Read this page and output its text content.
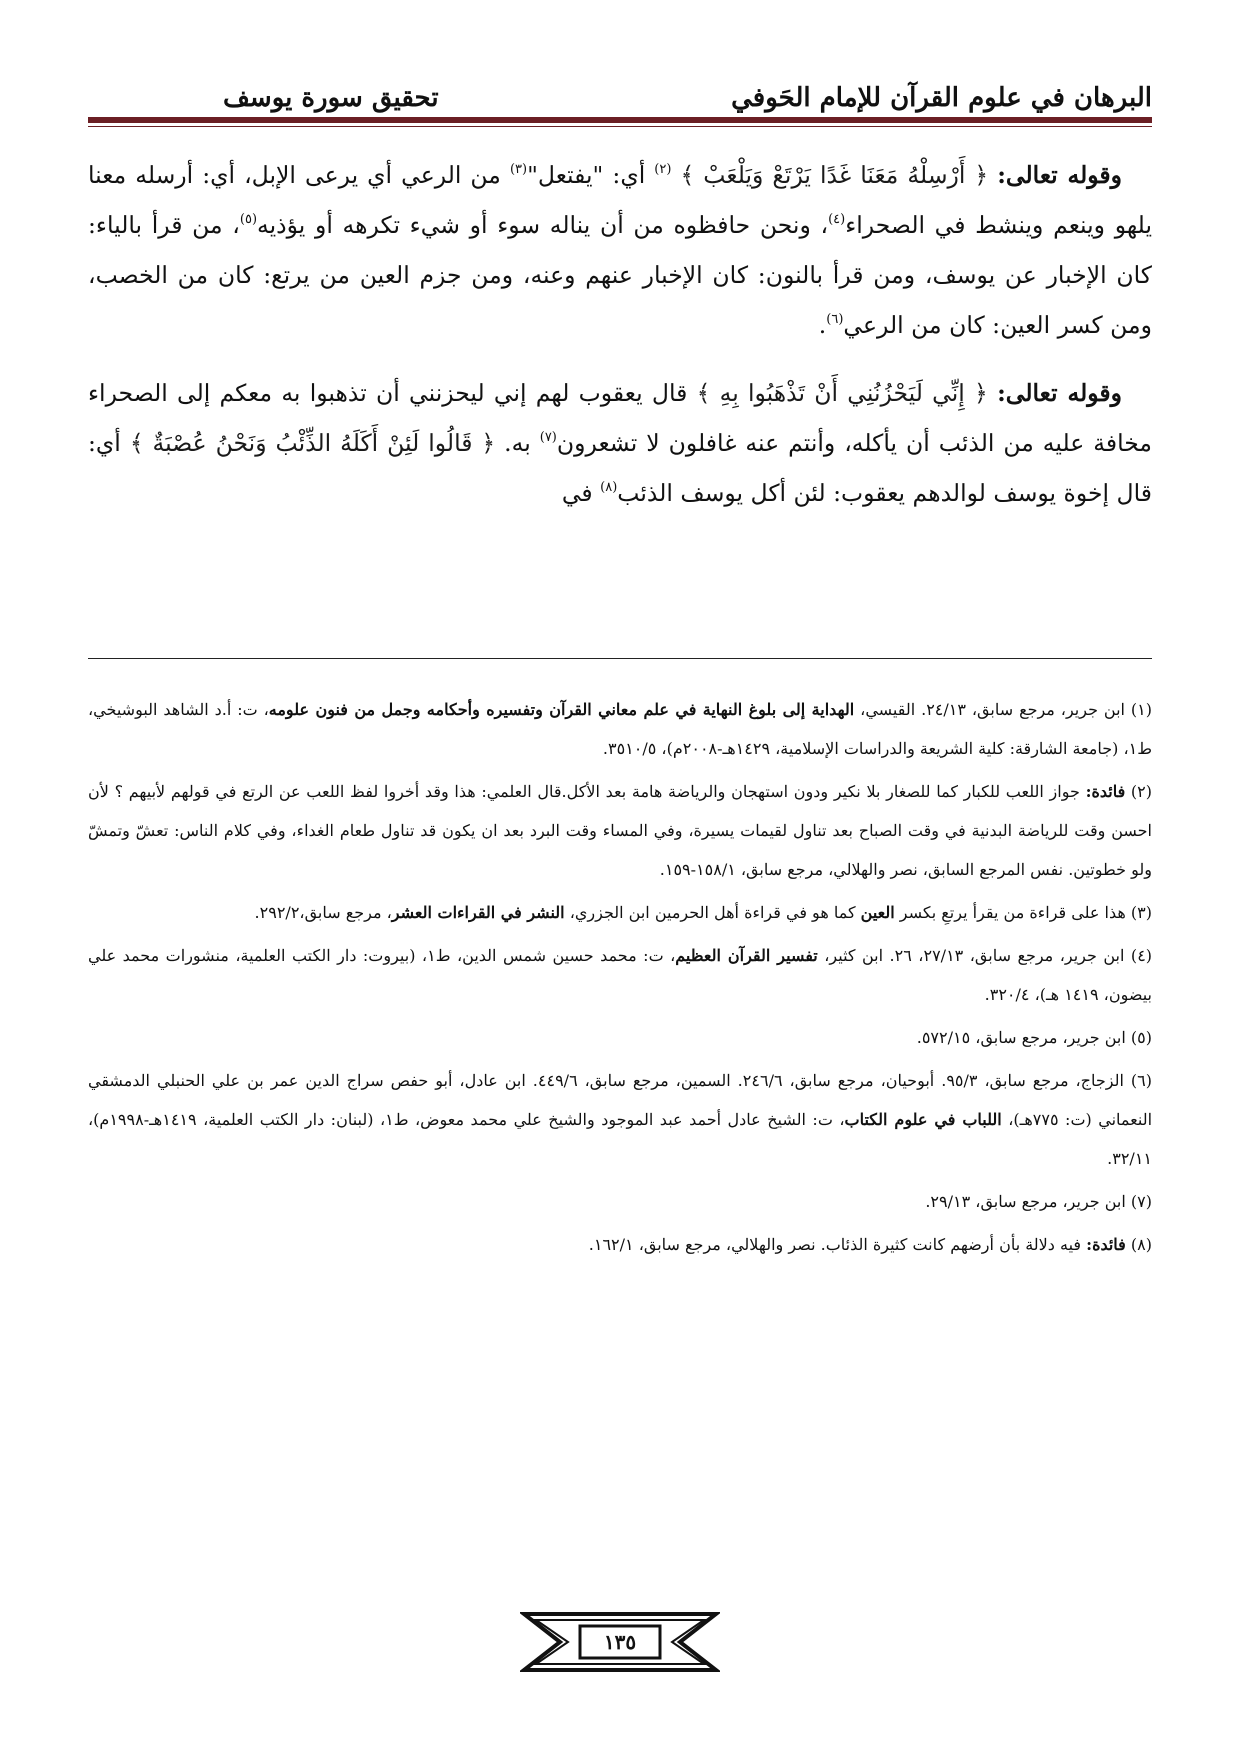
البرهان في علوم القرآن للإمام الحَوفي
تحقيق سورة يوسف

وقوله تعالى: ﴿ أَرْسِلْهُ مَعَنَا غَدًا يَرْتَعْ وَيَلْعَبْ ﴾ $^{(٢)}$ أي: "يفتعل"$^{(٣)}$ من الرعي أي يرعى الإبل، أي: أرسله معنا يلهو وينعم وينشط في الصحراء$^{(٤)}$، ونحن حافظوه من أن يناله سوء أو شيء تكرهه أو يؤذيه$^{(٥)}$، من قرأ بالياء: كان الإخبار عن يوسف، ومن قرأ بالنون: كان الإخبار عنهم وعنه، ومن جزم العين من يرتع: كان من الخصب، ومن كسر العين: كان من الرعي$^{(٦)}$.

وقوله تعالى: ﴿ إِنِّي لَيَحْزُنُنِي أَنْ تَذْهَبُوا بِهِ ﴾ قال يعقوب لهم إني ليحزنني أن تذهبوا به معكم إلى الصحراء مخافة عليه من الذئب أن يأكله، وأنتم عنه غافلون لا تشعرون$^{(٧)}$ به. ﴿ قَالُوا لَئِنْ أَكَلَهُ الذِّئْبُ وَنَحْنُ عُصْبَةٌ ﴾ أي: قال إخوة يوسف لوالدهم يعقوب: لئن أكل يوسف الذئب$^{(٨)}$ في

(١) ابن جرير، مرجع سابق، ٢٤/١٣. القيسي، الهداية إلى بلوغ النهاية في علم معاني القرآن وتفسيره وأحكامه وجمل من فنون علومه، ت: أ.د الشاهد البوشيخي، ط١، (جامعة الشارقة: كلية الشريعة والدراسات الإسلامية، ١٤٢٩هـ-٢٠٠٨م)، ٣٥١٠/٥.

(٢) فائدة: جواز اللعب للكبار كما للصغار بلا نكير ودون استهجان والرياضة هامة بعد الأكل.قال العلمي: هذا وقد أخروا لفظ اللعب عن الرتع في قولهم لأبيهم ؟ لأن احسن وقت للرياضة البدنية في وقت الصباح بعد تناول لقيمات يسيرة، وفي المساء وقت البرد بعد ان يكون قد تناول طعام الغداء، وفي كلام الناس: تعشّ وتمشّ ولو خطوتين. نفس المرجع السابق، نصر والهلالي، مرجع سابق، ١٥٨/١-١٥٩.

(٣) هذا على قراءة من يقرأ يرتعِ بكسر العين كما هو في قراءة أهل الحرمين ابن الجزري، النشر في القراءات العشر، مرجع سابق،٢٩٢/٢.

(٤) ابن جرير، مرجع سابق، ٢٧/١٣، ٢٦. ابن كثير، تفسير القرآن العظيم، ت: محمد حسين شمس الدين، ط١، (بيروت: دار الكتب العلمية، منشورات محمد علي بيضون، ١٤١٩ هـ)، ٣٢٠/٤.

(٥) ابن جرير، مرجع سابق، ٥٧٢/١٥.

(٦) الزجاج، مرجع سابق، ٩٥/٣. أبوحيان، مرجع سابق، ٢٤٦/٦. السمين، مرجع سابق، ٤٤٩/٦. ابن عادل، أبو حفص سراج الدين عمر بن علي الحنبلي الدمشقي النعماني (ت: ٧٧٥هـ)، اللباب في علوم الكتاب، ت: الشيخ عادل أحمد عبد الموجود والشيخ علي محمد معوض، ط١، (لبنان: دار الكتب العلمية، ١٤١٩هـ-١٩٩٨م)، ٣٢/١١.

(٧) ابن جرير، مرجع سابق، ٢٩/١٣.

(٨) فائدة: فيه دلالة بأن أرضهم كانت كثيرة الذئاب. نصر والهلالي، مرجع سابق، ١٦٢/١.

١٣٥
